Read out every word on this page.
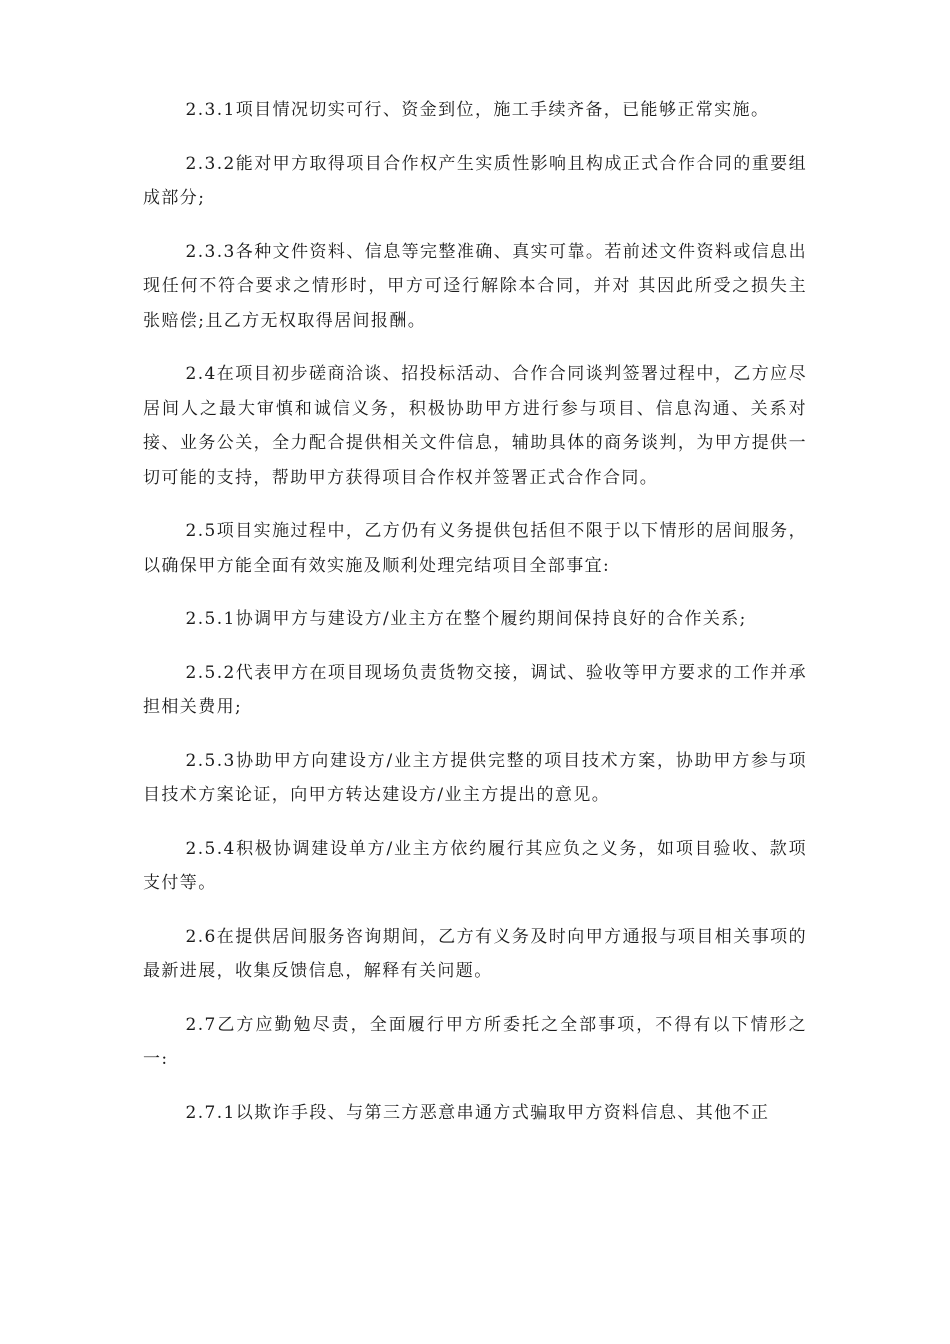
2.3.1项目情况切实可行、资金到位，施工手续齐备，已能够正常实施。

2.3.2能对甲方取得项目合作权产生实质性影响且构成正式合作合同的重要组成部分;

2.3.3各种文件资料、信息等完整准确、真实可靠。若前述文件资料或信息出现任何不符合要求之情形时，甲方可迳行解除本合同，并对 其因此所受之损失主张赔偿;且乙方无权取得居间报酬。

2.4在项目初步磋商洽谈、招投标活动、合作合同谈判签署过程中，乙方应尽居间人之最大审慎和诚信义务，积极协助甲方进行参与项目、信息沟通、关系对接、业务公关，全力配合提供相关文件信息，辅助具体的商务谈判，为甲方提供一切可能的支持，帮助甲方获得项目合作权并签署正式合作合同。

2.5项目实施过程中，乙方仍有义务提供包括但不限于以下情形的居间服务，以确保甲方能全面有效实施及顺利处理完结项目全部事宜:

2.5.1协调甲方与建设方/业主方在整个履约期间保持良好的合作关系;

2.5.2代表甲方在项目现场负责货物交接，调试、验收等甲方要求的工作并承担相关费用;

2.5.3协助甲方向建设方/业主方提供完整的项目技术方案，协助甲方参与项目技术方案论证，向甲方转达建设方/业主方提出的意见。

2.5.4积极协调建设单方/业主方依约履行其应负之义务，如项目验收、款项支付等。

2.6在提供居间服务咨询期间，乙方有义务及时向甲方通报与项目相关事项的最新进展，收集反馈信息，解释有关问题。

2.7乙方应勤勉尽责，全面履行甲方所委托之全部事项，不得有以下情形之一:

2.7.1以欺诈手段、与第三方恶意串通方式骗取甲方资料信息、其他不正
